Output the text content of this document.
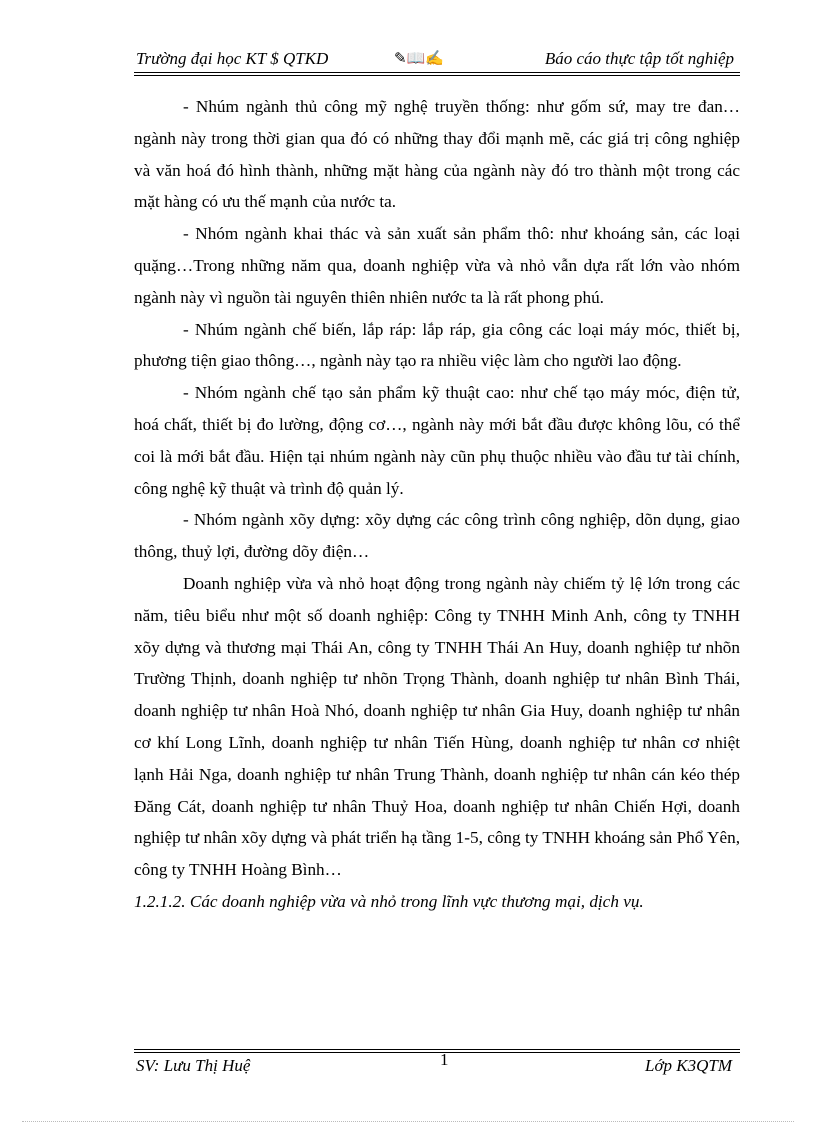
Trường đại học KT $ QTKD	✎📖✍	Báo cáo thực tập tốt nghiệp

- Nhúm ngành thủ công mỹ nghệ truyền thống: như gốm sứ, may tre đan…ngành này trong thời gian qua đó có những thay đổi mạnh mẽ, các giá trị công nghiệp và văn hoá đó hình thành, những mặt hàng của ngành này đó tro thành một trong các mặt hàng có ưu thế mạnh của nước ta.

- Nhóm ngành khai thác và sản xuất sản phẩm thô: như khoáng sản, các loại quặng…Trong những năm qua, doanh nghiệp vừa và nhỏ vẫn dựa rất lớn vào nhóm ngành này vì nguồn tài nguyên thiên nhiên nước ta là rất phong phú.

- Nhúm ngành chế biến, lắp ráp: lắp ráp, gia công các loại máy móc, thiết bị, phương tiện giao thông…, ngành này tạo ra nhiều việc làm cho người lao động.

- Nhóm ngành chế tạo sản phẩm kỹ thuật cao: như chế tạo máy móc, điện tử, hoá chất, thiết bị đo lường, động cơ…, ngành này mới bắt đầu được không lõu, có thể coi là mới bắt đầu. Hiện tại nhúm ngành này cũn phụ thuộc nhiều vào đầu tư tài chính, công nghệ kỹ thuật và trình độ quản lý.

- Nhóm ngành xõy dựng: xõy dựng các công trình công nghiệp, dõn dụng, giao thông, thuỷ lợi, đường dõy điện…

Doanh nghiệp vừa và nhỏ hoạt động trong ngành này chiếm tỷ lệ lớn trong các năm, tiêu biểu như một số doanh nghiệp: Công ty TNHH Minh Anh, công ty TNHH xõy dựng và thương mại Thái An, công ty TNHH Thái An Huy, doanh nghiệp tư nhõn Trường Thịnh, doanh nghiệp tư nhõn Trọng Thành, doanh nghiệp tư nhân Bình Thái, doanh nghiệp tư nhân Hoà Nhó, doanh nghiệp tư nhân Gia Huy, doanh nghiệp tư nhân cơ khí Long Lĩnh, doanh nghiệp tư nhân Tiến Hùng, doanh nghiệp tư nhân cơ nhiệt lạnh Hải Nga, doanh nghiệp tư nhân Trung Thành, doanh nghiệp tư nhân cán kéo thép Đăng Cát, doanh nghiệp tư nhân Thuỷ Hoa, doanh nghiệp tư nhân Chiến Hợi, doanh nghiệp tư nhân xõy dựng và phát triển hạ tầng 1-5, công ty TNHH khoáng sản Phổ Yên, công ty TNHH Hoàng Bình…

1.2.1.2. Các doanh nghiệp vừa và nhỏ trong lĩnh vực thương mại, dịch vụ.

SV: Lưu Thị Huệ	1	Lớp K3QTM
